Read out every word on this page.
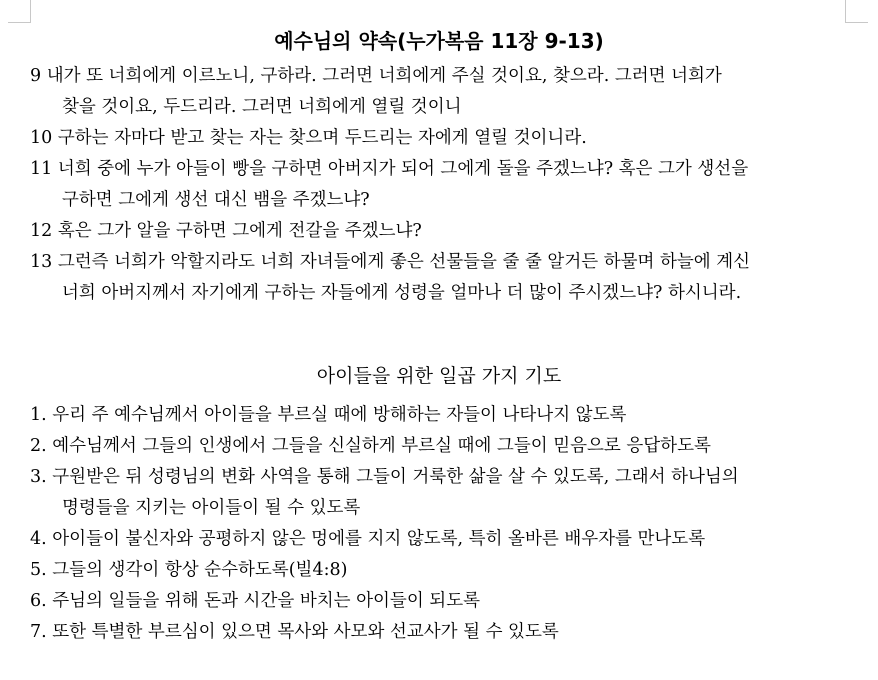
예수님의 약속(누가복음 11장 9-13)
9 내가 또 너희에게 이르노니, 구하라. 그러면 너희에게 주실 것이요, 찾으라. 그러면 너희가
찾을 것이요, 두드리라. 그러면 너희에게 열릴 것이니
10 구하는 자마다 받고 찾는 자는 찾으며 두드리는 자에게 열릴 것이니라.
11 너희 중에 누가 아들이 빵을 구하면 아버지가 되어 그에게 돌을 주겠느냐? 혹은 그가 생선을
구하면 그에게 생선 대신 뱀을 주겠느냐?
12 혹은 그가 알을 구하면 그에게 전갈을 주겠느냐?
13 그런즉 너희가 악할지라도 너희 자녀들에게 좋은 선물들을 줄 줄 알거든 하물며 하늘에 계신
너희 아버지께서 자기에게 구하는 자들에게 성령을 얼마나 더 많이 주시겠느냐? 하시니라.
아이들을 위한 일곱 가지 기도
1. 우리 주 예수님께서 아이들을 부르실 때에 방해하는 자들이 나타나지 않도록
2. 예수님께서 그들의 인생에서 그들을 신실하게 부르실 때에 그들이 믿음으로 응답하도록
3. 구원받은 뒤 성령님의 변화 사역을 통해 그들이 거룩한 삶을 살 수 있도록, 그래서 하나님의
명령들을 지키는 아이들이 될 수 있도록
4. 아이들이 불신자와 공평하지 않은 멍에를 지지 않도록, 특히 올바른 배우자를 만나도록
5. 그들의 생각이 항상 순수하도록(빌4:8)
6. 주님의 일들을 위해 돈과 시간을 바치는 아이들이 되도록
7. 또한 특별한 부르심이 있으면 목사와 사모와 선교사가 될 수 있도록
